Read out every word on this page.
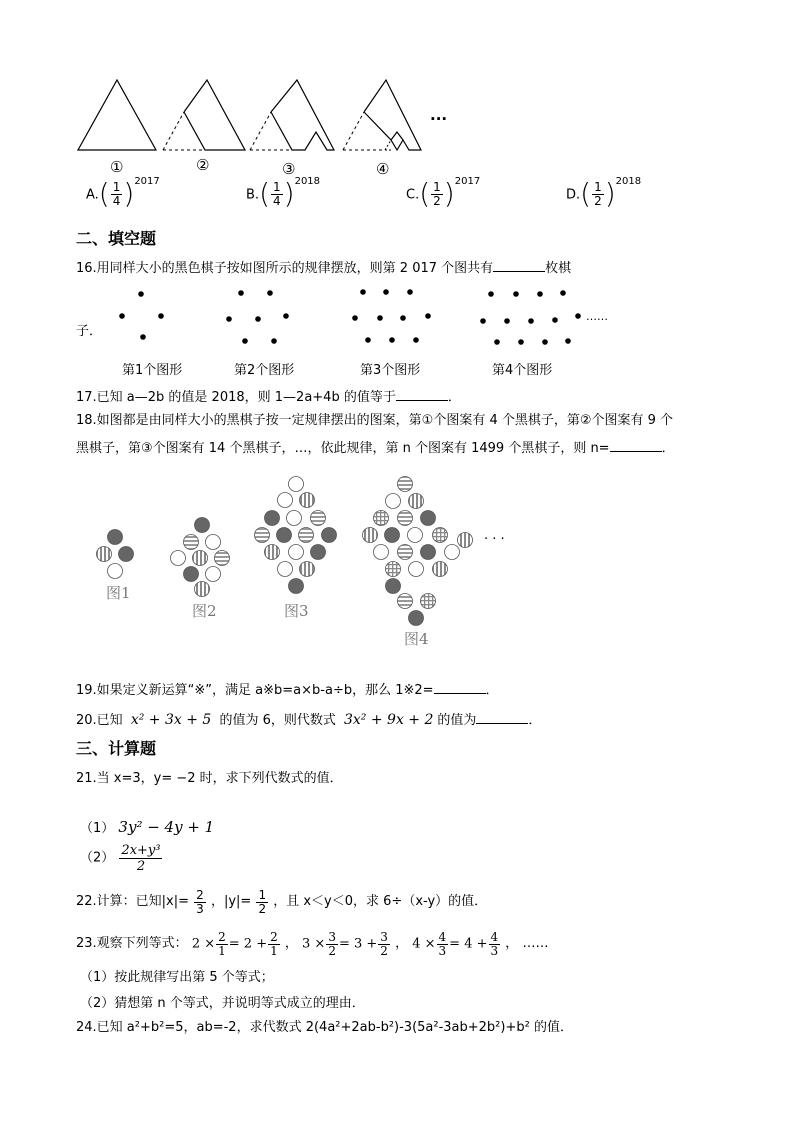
①	②	③	④
···
$A.( \frac{1}{4} )^{2017}$
$B.( \frac{1}{4} )^{2018}$
$C.( \frac{1}{2} )^{2017}$
$D.( \frac{1}{2} )^{2018}$
二、填空题
16.用同样大小的黑色棋子按如图所示的规律摆放，则第 2 017 个图共有	枚棋
子．
……
第1个图形	第2个图形	第3个图形	第4个图形
17.已知 a—2b 的值是 2018，则 1—2a+4b 的值等于	．
18.如图都是由同样大小的黑棋子按一定规律摆出的图案，第①个图案有 4 个黑棋子，第②个图案有 9 个
黑棋子，第③个图案有 14 个黑棋子，…，依此规律，第 n 个图案有 1499 个黑棋子，则 n=	．
· · ·
图1
图2	图3
图4
19.如果定义新运算“※”，满足 a※b=a×b-a÷b，那么 1※2=	．
20.已知 x² + 3x + 5 的值为 6，则代数式 3x² + 9x + 2 的值为	．
三、计算题
21.当 x=3，y= −2 时，求下列代数式的值．
（1） 3y² − 4y + 1
$(2) \frac{\text{2x+y³}}{2}$
22.计算：已知$|x|= \frac{2}{3}$ ，$|y|= \frac{1}{2}$ ，且 x＜y＜0，求 6÷（x-y）的值．
23.观察下列等式： $2 \times \frac{2}{1} = 2 + \frac{2}{1}$ ， $3 \times \frac{3}{2} = 3 + \frac{3}{2}$ ， $4 \times \frac{4}{3} = 4 + \frac{4}{3}$ ， ……
（1）按此规律写出第 5 个等式；
（2）猜想第 n 个等式，并说明等式成立的理由．
24.已知 a²+b²=5，ab=-2，求代数式 2(4a²+2ab-b²)-3(5a²-3ab+2b²)+b² 的值．
